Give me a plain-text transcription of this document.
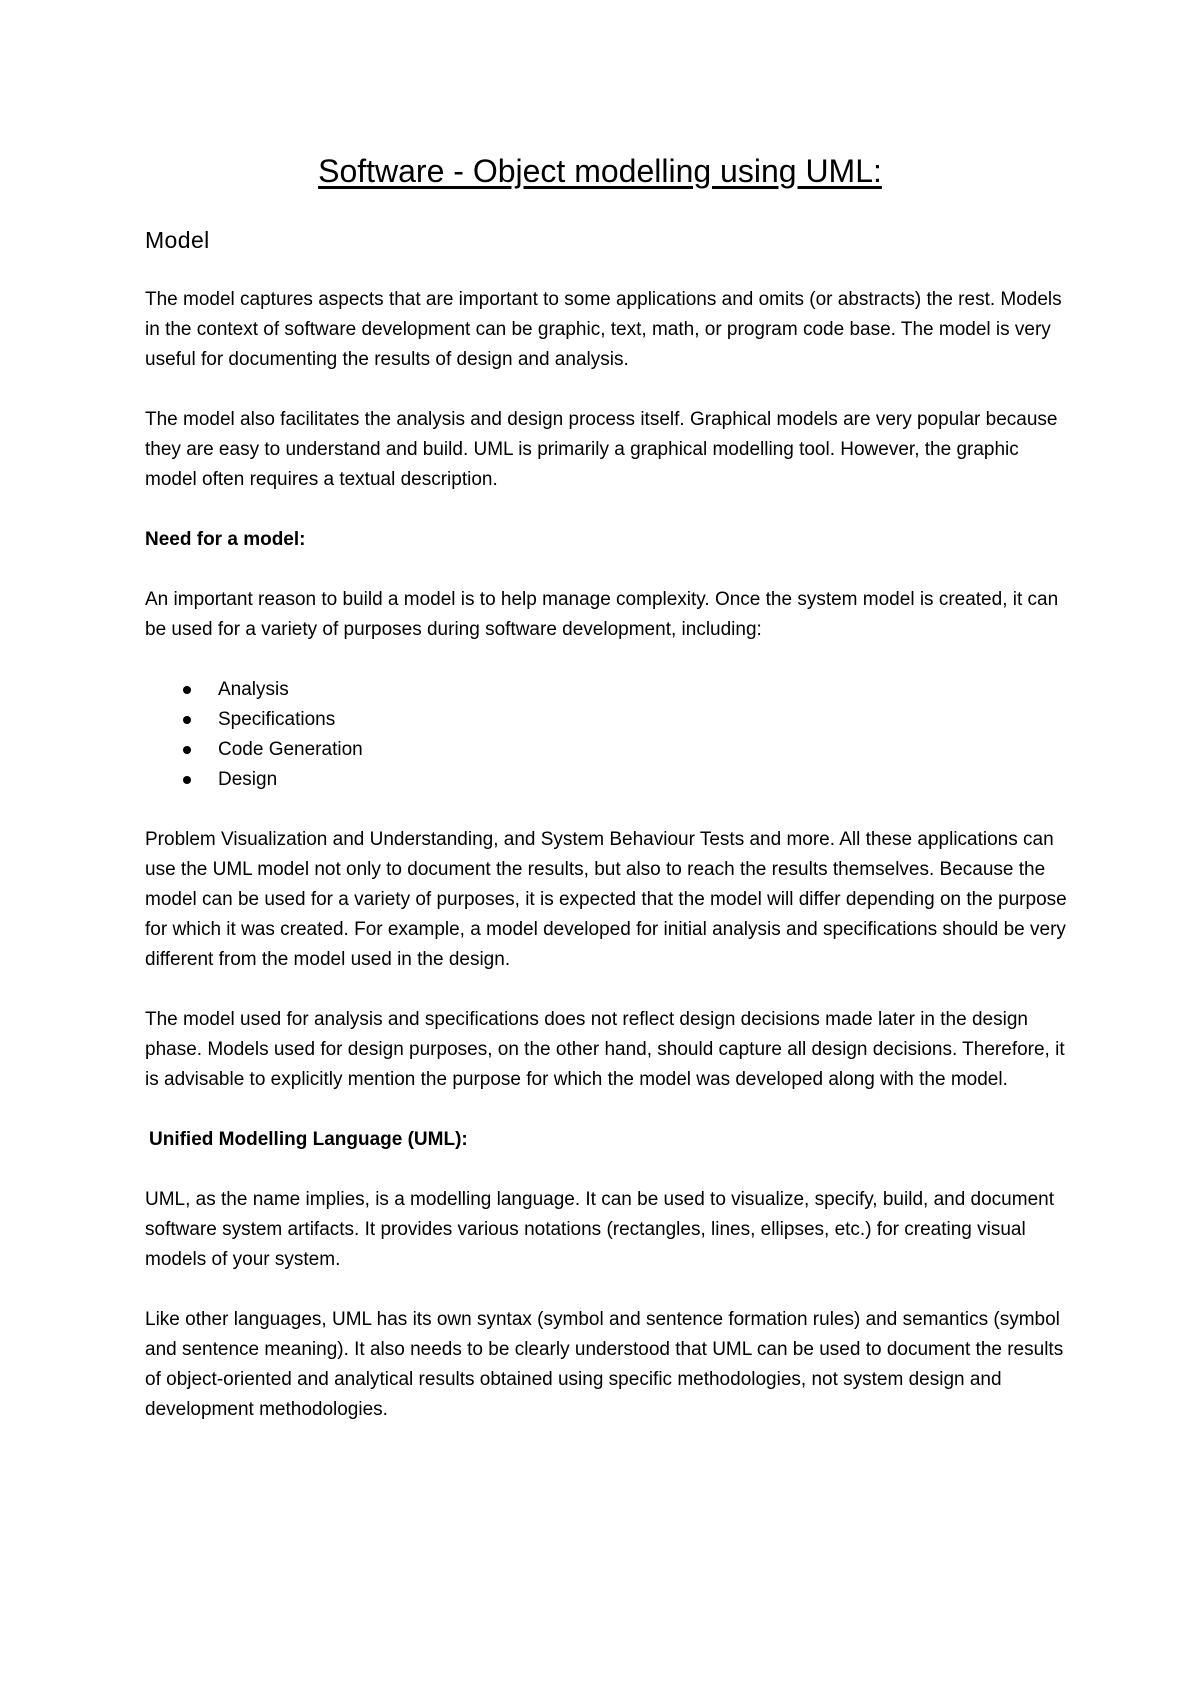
Software - Object modelling using UML:
Model

The model captures aspects that are important to some applications and omits (or abstracts) the rest. Models in the context of software development can be graphic, text, math, or program code base. The model is very useful for documenting the results of design and analysis.

The model also facilitates the analysis and design process itself. Graphical models are very popular because they are easy to understand and build. UML is primarily a graphical modelling tool. However, the graphic model often requires a textual description.

Need for a model:

An important reason to build a model is to help manage complexity. Once the system model is created, it can be used for a variety of purposes during software development, including:

Analysis
Specifications
Code Generation
Design

Problem Visualization and Understanding, and System Behaviour Tests and more. All these applications can use the UML model not only to document the results, but also to reach the results themselves. Because the model can be used for a variety of purposes, it is expected that the model will differ depending on the purpose for which it was created. For example, a model developed for initial analysis and specifications should be very different from the model used in the design.

The model used for analysis and specifications does not reflect design decisions made later in the design phase. Models used for design purposes, on the other hand, should capture all design decisions. Therefore, it is advisable to explicitly mention the purpose for which the model was developed along with the model.

Unified Modelling Language (UML):

UML, as the name implies, is a modelling language. It can be used to visualize, specify, build, and document software system artifacts. It provides various notations (rectangles, lines, ellipses, etc.) for creating visual models of your system.

Like other languages, UML has its own syntax (symbol and sentence formation rules) and semantics (symbol and sentence meaning). It also needs to be clearly understood that UML can be used to document the results of object-oriented and analytical results obtained using specific methodologies, not system design and development methodologies.
